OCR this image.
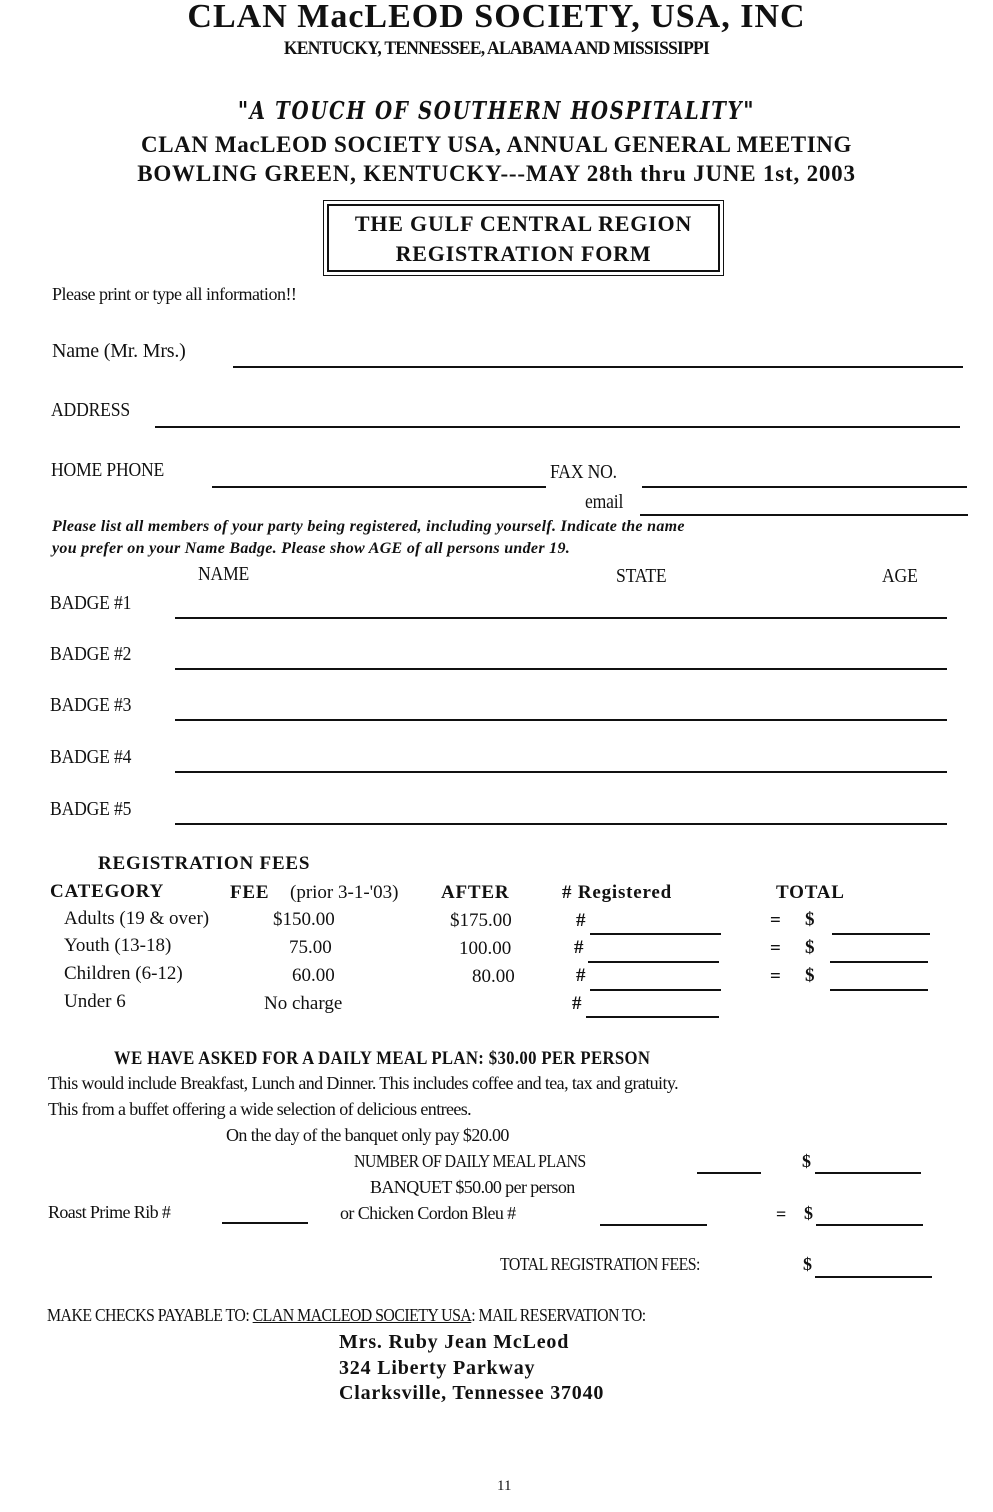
CLAN MacLEOD SOCIETY, USA, INC
KENTUCKY, TENNESSEE, ALABAMA AND MISSISSIPPI
"A TOUCH OF SOUTHERN HOSPITALITY"
CLAN MacLEOD SOCIETY USA, ANNUAL GENERAL MEETING
BOWLING GREEN, KENTUCKY---MAY 28th thru JUNE 1st, 2003
THE GULF CENTRAL REGION
REGISTRATION FORM
Please print or type all information!!
Name (Mr. Mrs.)
ADDRESS
HOME PHONE	FAX NO.
email
Please list all members of your party being registered, including yourself. Indicate the name
you prefer on your Name Badge. Please show AGE of all persons under 19.
NAME	STATE	AGE
BADGE #1
BADGE #2
BADGE #3
BADGE #4
BADGE #5
REGISTRATION FEES
CATEGORY	FEE (prior 3-1-'03) AFTER	# Registered	TOTAL
Adults (19 & over)	$150.00	$175.00	#	= $
Youth (13-18)	75.00	100.00	#	= $
Children (6-12)	60.00	80.00	#	= $
Under 6	No charge	#
WE HAVE ASKED FOR A DAILY MEAL PLAN: $30.00 PER PERSON
This would include Breakfast, Lunch and Dinner. This includes coffee and tea, tax and gratuity.
This from a buffet offering a wide selection of delicious entrees.
On the day of the banquet only pay $20.00
NUMBER OF DAILY MEAL PLANS	$
BANQUET $50.00 per person
Roast Prime Rib #	or Chicken Cordon Bleu #	= $
TOTAL REGISTRATION FEES:	$
MAKE CHECKS PAYABLE TO: CLAN MACLEOD SOCIETY USA: MAIL RESERVATION TO:
Mrs. Ruby Jean McLeod
324 Liberty Parkway
Clarksville, Tennessee 37040
11
